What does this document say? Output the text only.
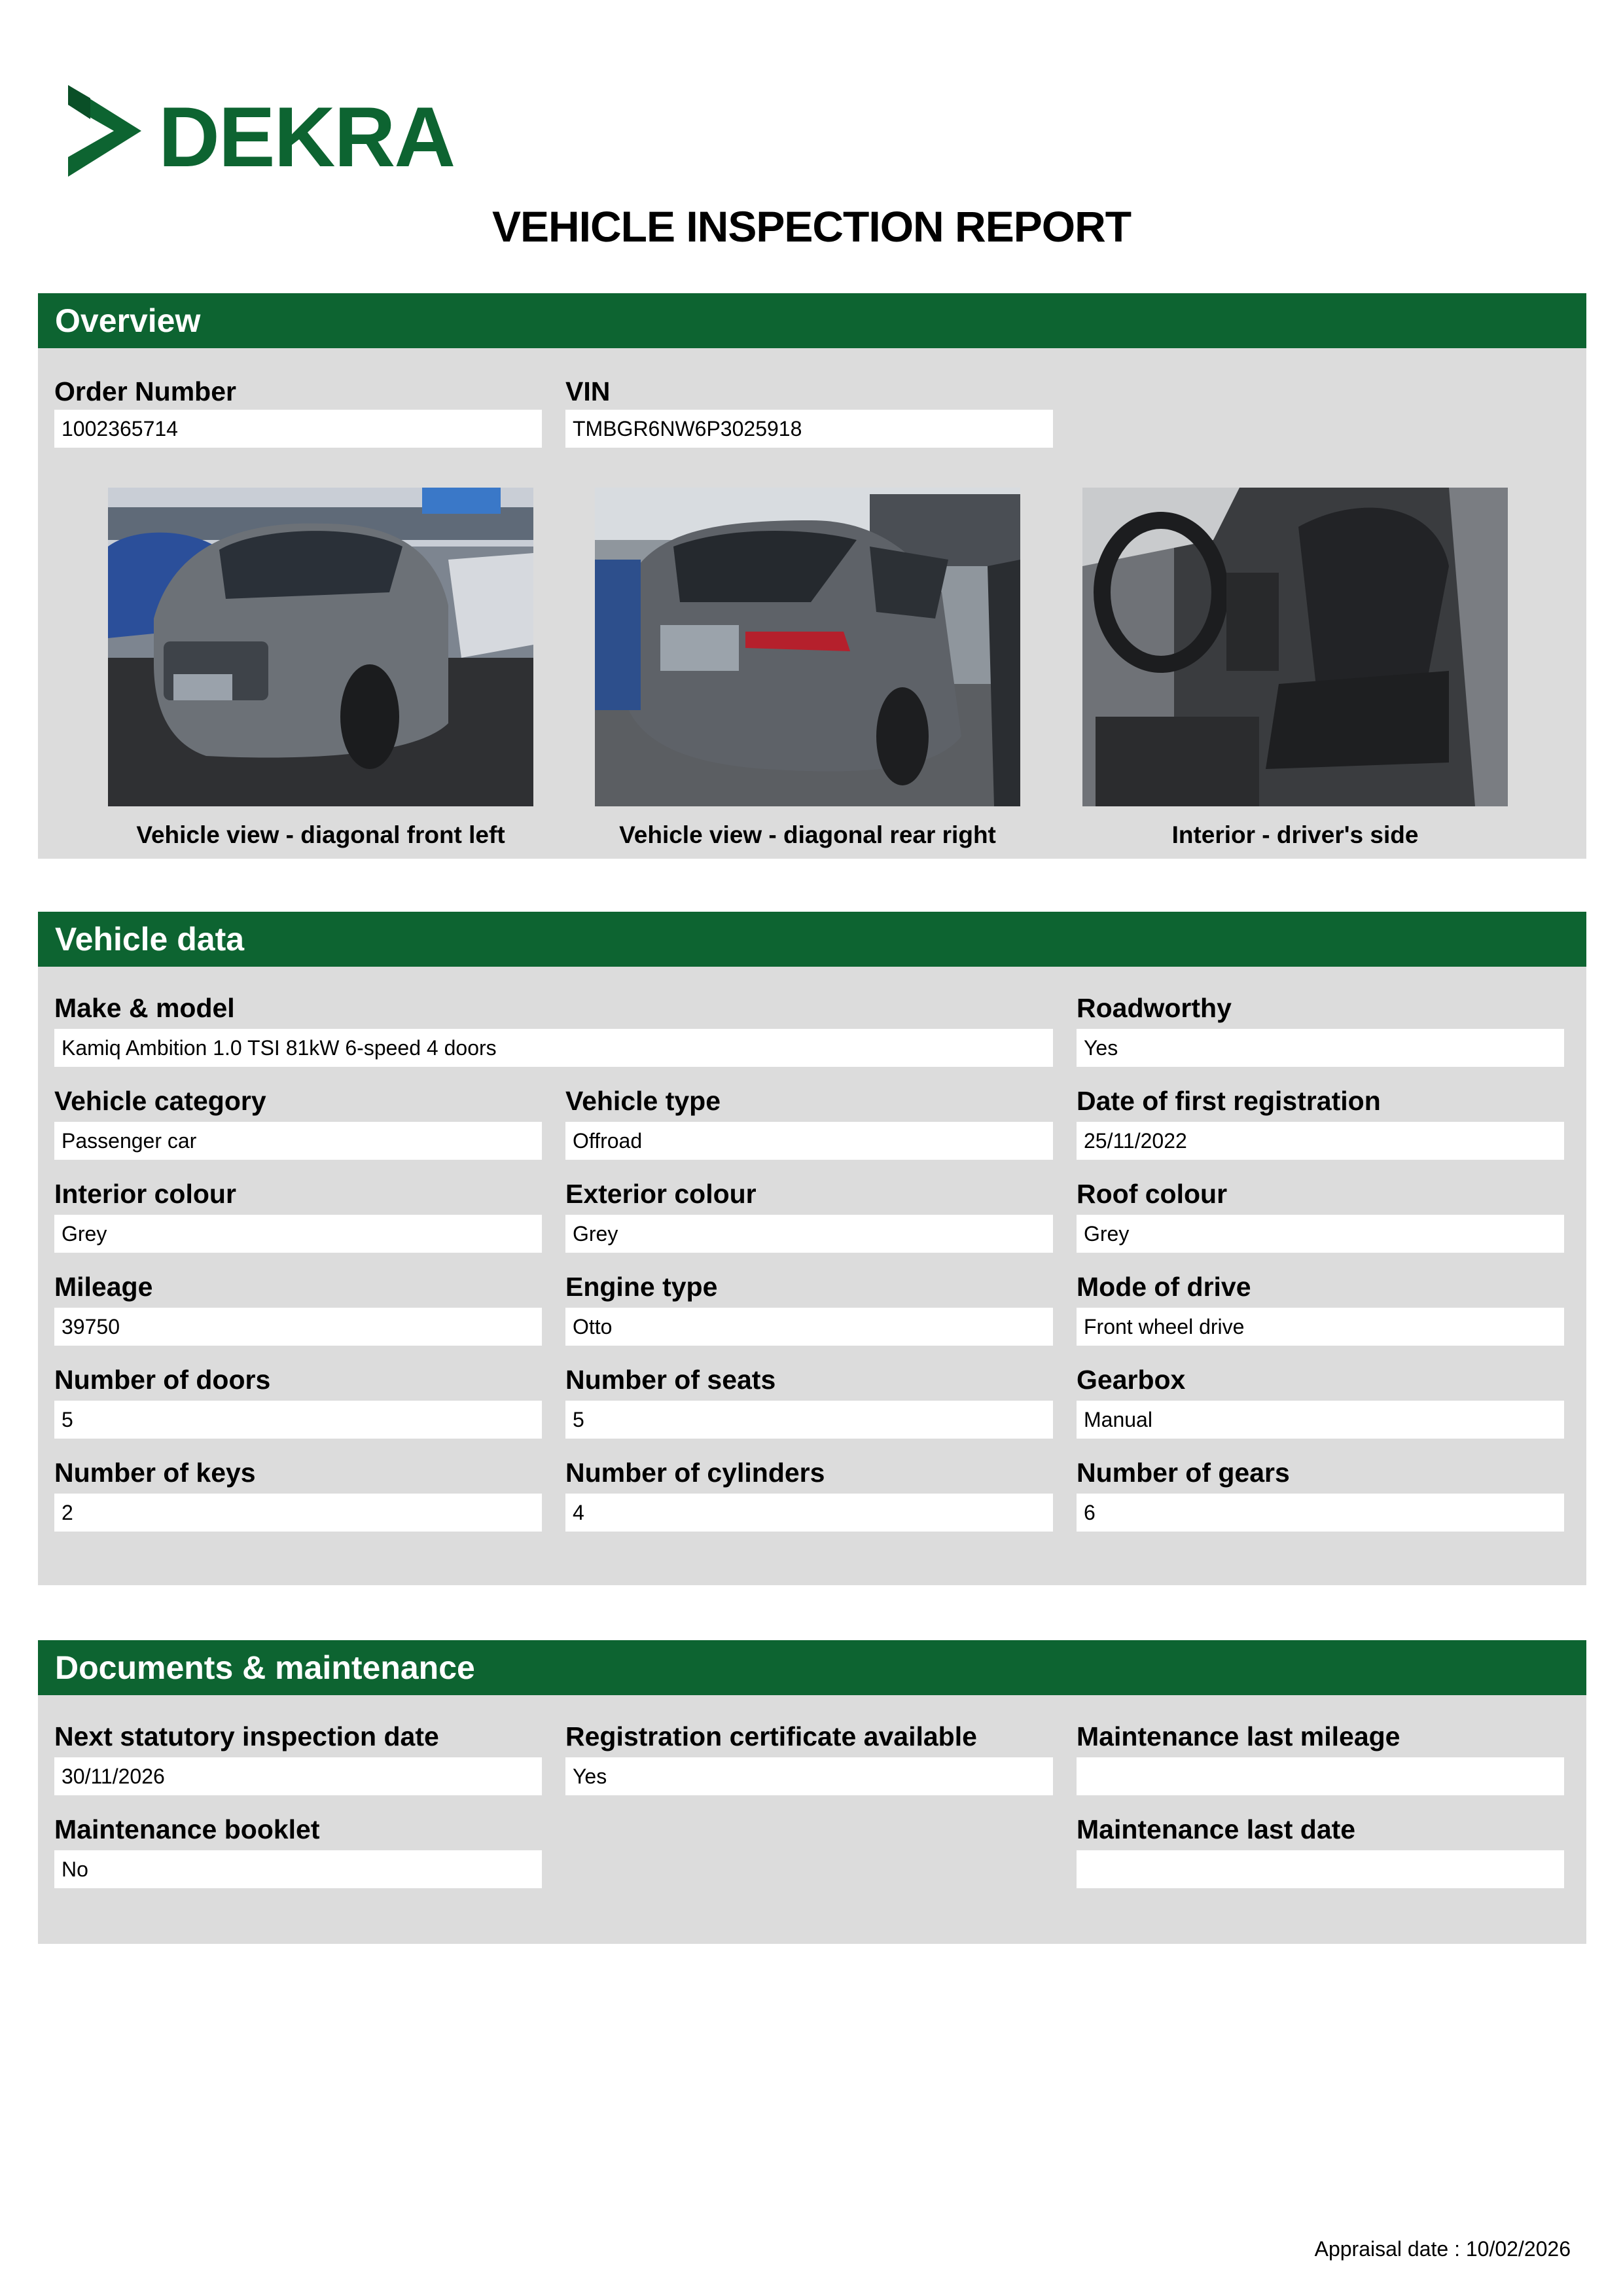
DEKRA
VEHICLE INSPECTION REPORT
Overview
Order Number
1002365714
VIN
TMBGR6NW6P3025918
Vehicle view - diagonal front left	Vehicle view - diagonal rear right	Interior - driver's side
Vehicle data
Make & model
Kamiq Ambition 1.0 TSI 81kW 6-speed 4 doors
Roadworthy
Yes
Vehicle category
Passenger car
Vehicle type
Offroad
Date of first registration
25/11/2022
Interior colour
Grey
Exterior colour
Grey
Roof colour
Grey
Mileage
39750
Engine type
Otto
Mode of drive
Front wheel drive
Number of doors
5
Number of seats
5
Gearbox
Manual
Number of keys
2
Number of cylinders
4
Number of gears
6
Documents & maintenance
Next statutory inspection date
30/11/2026
Registration certificate available
Yes
Maintenance last mileage
Maintenance booklet
No
Maintenance last date
Appraisal date : 10/02/2026
